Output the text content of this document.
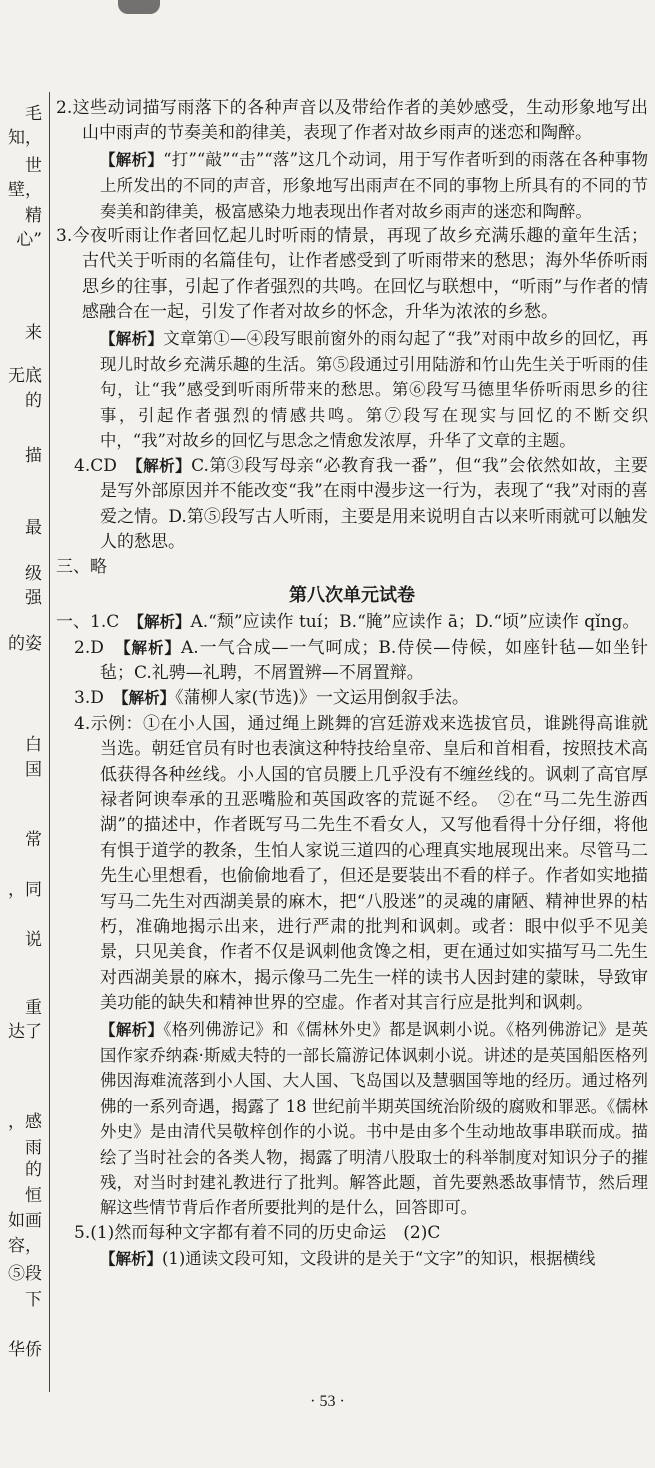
毛
知，
世
壁，
精
心”
来
无底
的
描
最
级
强
的姿
白
国
常
，同
说
重
达了
，感
雨
的
恒
如画
容，
⑤段
下
华侨

2.这些动词描写雨落下的各种声音以及带给作者的美妙感受，生动形象地写出山中雨声的节奏美和韵律美，表现了作者对故乡雨声的迷恋和陶醉。

【解析】“打”“敲”“击”“落”这几个动词，用于写作者听到的雨落在各种事物上所发出的不同的声音，形象地写出雨声在不同的事物上所具有的不同的节奏美和韵律美，极富感染力地表现出作者对故乡雨声的迷恋和陶醉。

3.今夜听雨让作者回忆起儿时听雨的情景，再现了故乡充满乐趣的童年生活；古代关于听雨的名篇佳句，让作者感受到了听雨带来的愁思；海外华侨听雨思乡的往事，引起了作者强烈的共鸣。在回忆与联想中，“听雨”与作者的情感融合在一起，引发了作者对故乡的怀念，升华为浓浓的乡愁。

【解析】文章第①—④段写眼前窗外的雨勾起了“我”对雨中故乡的回忆，再现儿时故乡充满乐趣的生活。第⑤段通过引用陆游和竹山先生关于听雨的佳句，让“我”感受到听雨所带来的愁思。第⑥段写马德里华侨听雨思乡的往事，引起作者强烈的情感共鸣。第⑦段写在现实与回忆的不断交织中，“我”对故乡的回忆与思念之情愈发浓厚，升华了文章的主题。

4.CD　 【解析】C.第③段写母亲“必教育我一番”，但“我”会依然如故，主要是写外部原因并不能改变“我”在雨中漫步这一行为，表现了“我”对雨的喜爱之情。D.第⑤段写古人听雨，主要是用来说明自古以来听雨就可以触发人的愁思。

三、略

第八次单元试卷

一、1.C　 【解析】A.“颓”应读作 tuí；B.“腌”应读作 ā；D.“顷”应读作 qǐng。

2.D　 【解析】A.一气合成—一气呵成；B.侍侯—侍候，如座针毡—如坐针毡；C.礼骋—礼聘，不屑置辨—不屑置辩。

3.D　 【解析】《蒲柳人家(节选)》一文运用倒叙手法。

4.示例：①在小人国，通过绳上跳舞的宫廷游戏来选拔官员，谁跳得高谁就当选。朝廷官员有时也表演这种特技给皇帝、皇后和首相看，按照技术高低获得各种丝线。小人国的官员腰上几乎没有不缠丝线的。讽刺了高官厚禄者阿谀奉承的丑恶嘴脸和英国政客的荒诞不经。　②在“马二先生游西湖”的描述中，作者既写马二先生不看女人，又写他看得十分仔细，将他有惧于道学的教条，生怕人家说三道四的心理真实地展现出来。尽管马二先生心里想看，也偷偷地看了，但还是要装出不看的样子。作者如实地描写马二先生对西湖美景的麻木，把“八股迷”的灵魂的庸陋、精神世界的枯朽，准确地揭示出来，进行严肃的批判和讽刺。或者：眼中似乎不见美景，只见美食，作者不仅是讽刺他贪馋之相，更在通过如实描写马二先生对西湖美景的麻木，揭示像马二先生一样的读书人因封建的蒙昧，导致审美功能的缺失和精神世界的空虚。作者对其言行应是批判和讽刺。

【解析】《格列佛游记》和《儒林外史》都是讽刺小说。《格列佛游记》是英国作家乔纳森·斯威夫特的一部长篇游记体讽刺小说。讲述的是英国船医格列佛因海难流落到小人国、大人国、飞岛国以及慧骃国等地的经历。通过格列佛的一系列奇遇，揭露了 18 世纪前半期英国统治阶级的腐败和罪恶。《儒林外史》是由清代吴敬梓创作的小说。书中是由多个生动地故事串联而成。描绘了当时社会的各类人物，揭露了明清八股取士的科举制度对知识分子的摧残，对当时封建礼教进行了批判。解答此题，首先要熟悉故事情节，然后理解这些情节背后作者所要批判的是什么，回答即可。

5.(1)然而每种文字都有着不同的历史命运　(2)C

【解析】(1)通读文段可知，文段讲的是关于“文字”的知识，根据横线

· 53 ·
